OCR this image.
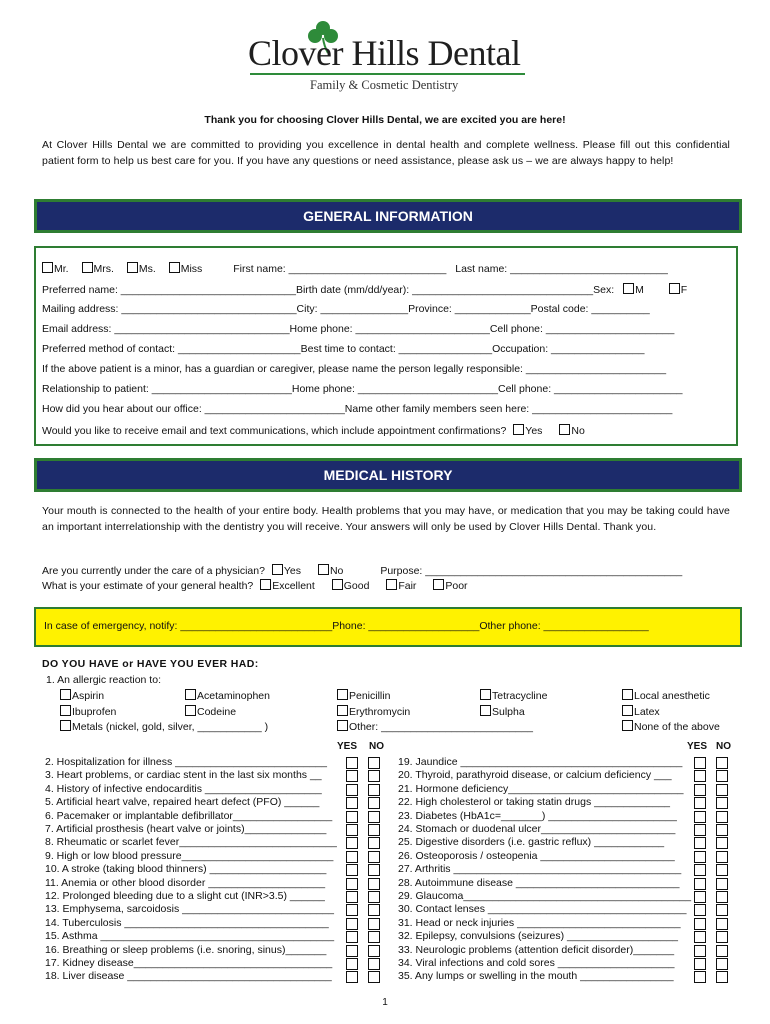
Clover Hills Dental
Family & Cosmetic Dentistry
Thank you for choosing Clover Hills Dental, we are excited you are here!
At Clover Hills Dental we are committed to providing you excellence in dental health and complete wellness. Please fill out this confidential patient form to help us best care for you. If you have any questions or need assistance, please ask us – we are always happy to help!
GENERAL INFORMATION
Mr. Mrs. Ms. Miss	First name: ___________________________ Last name: ___________________________
Preferred name: ______________________________Birth date (mm/dd/year): _______________________________Sex: M	F
Mailing address: ______________________________City: _______________Province: _____________Postal code: __________
Email address: ______________________________Home phone: _______________________Cell phone: ______________________
Preferred method of contact: _____________________Best time to contact: ________________Occupation: ________________
If the above patient is a minor, has a guardian or caregiver, please name the person legally responsible: ________________________
Relationship to patient: ________________________Home phone: ________________________Cell phone: ______________________
How did you hear about our office: ________________________Name other family members seen here: ________________________
Would you like to receive email and text communications, which include appointment confirmations? Yes	No
MEDICAL HISTORY
Your mouth is connected to the health of your entire body. Health problems that you may have, or medication that you may be taking could have an important interrelationship with the dentistry you will receive. Your answers will only be used by Clover Hills Dental. Thank you.
Are you currently under the care of a physician? Yes	No	Purpose: ____________________________________________
What is your estimate of your general health? Excellent	Good	Fair	Poor
In case of emergency, notify: __________________________Phone: ___________________Other phone: __________________
DO YOU HAVE or HAVE YOU EVER HAD:
1. An allergic reaction to:
Aspirin	Acetaminophen	Penicillin	Tetracycline	Local anesthetic
Ibuprofen	Codeine	Erythromycin	Sulpha	Latex
Metals (nickel, gold, silver, ___________ )	Other: __________________________	None of the above
YES NO	YES NO
2. Hospitalization for illness __________________________
3. Heart problems, or cardiac stent in the last six months __
4. History of infective endocarditis ____________________
5. Artificial heart valve, repaired heart defect (PFO) ______
6. Pacemaker or implantable defibrillator_________________
7. Artificial prosthesis (heart valve or joints)______________
8. Rheumatic or scarlet fever___________________________
9. High or low blood pressure__________________________
10. A stroke (taking blood thinners) ____________________
11. Anemia or other blood disorder ____________________
12. Prolonged bleeding due to a slight cut (INR>3.5) ______
13. Emphysema, sarcoidosis __________________________
14. Tuberculosis ___________________________________
15. Asthma ________________________________________
16. Breathing or sleep problems (i.e. snoring, sinus)_______
17. Kidney disease__________________________________
18. Liver disease ___________________________________
19. Jaundice ______________________________________
20. Thyroid, parathyroid disease, or calcium deficiency ___
21. Hormone deficiency______________________________
22. High cholesterol or taking statin drugs _____________
23. Diabetes (HbA1c=_______) ______________________
24. Stomach or duodenal ulcer_______________________
25. Digestive disorders (i.e. gastric reflux) ____________
26. Osteoporosis / osteopenia _______________________
27. Arthritis _______________________________________
28. Autoimmune disease ____________________________
29. Glaucoma_______________________________________
30. Contact lenses __________________________________
31. Head or neck injuries ____________________________
32. Epilepsy, convulsions (seizures) ___________________
33. Neurologic problems (attention deficit disorder)_______
34. Viral infections and cold sores ____________________
35. Any lumps or swelling in the mouth ________________
1
